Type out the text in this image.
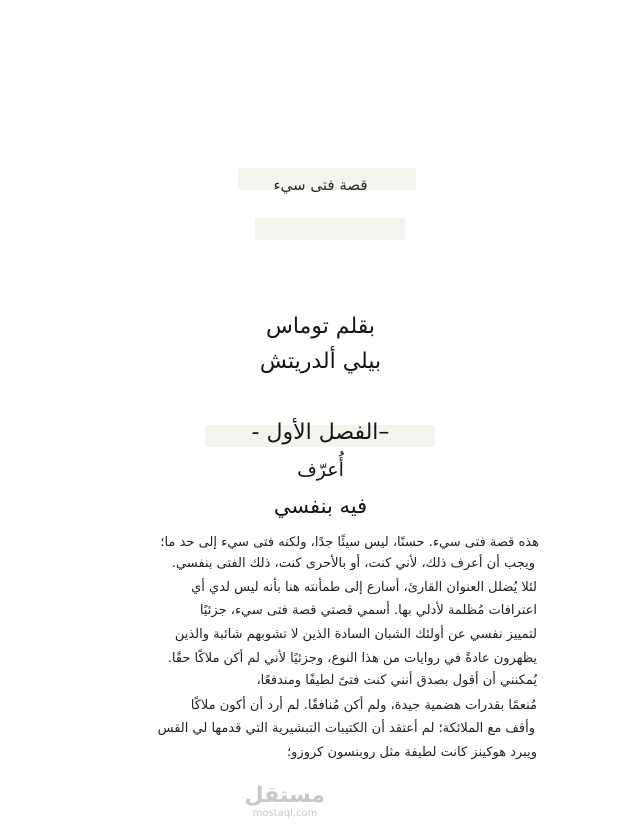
قصة فتى سيء
بقلم توماس
بيلي ألدريتش
–الفصل الأول -
أُعرّف
فيه بنفسي
هذه قصة فتى سيء. حسنًا، ليس سيئًا جدًا، ولكنه فتى سيء إلى حد ما؛
ويجب أن أعرف ذلك، لأني كنت، أو بالأحرى كنت، ذلك الفتى بنفسي.
لئلا يُضلل العنوان القارئ، أسارع إلى طمأنته هنا بأنه ليس لدي أي
اعترافات مُظلمة لأدلي بها. أسمي قصتي قصة فتى سيء، جزئيًا
لتمييز نفسي عن أولئك الشبان السادة الذين لا تشوبهم شائبة والذين
يظهرون عادةً في روايات من هذا النوع، وجزئيًا لأني لم أكن ملاكًا حقًا.
يُمكنني أن أقول بصدق أنني كنت فتىً لطيفًا ومندفعًا،
مُنعمًا بقدرات هضمية جيدة، ولم أكن مُنافقًا. لم أرد أن أكون ملاكًا
وأقف مع الملائكة؛ لم أعتقد أن الكتيبات التبشيرية التي قدمها لي القس
ويبرد هوكينز كانت لطيفة مثل روبنسون كروزو؛
مستقل
mostaql.com
